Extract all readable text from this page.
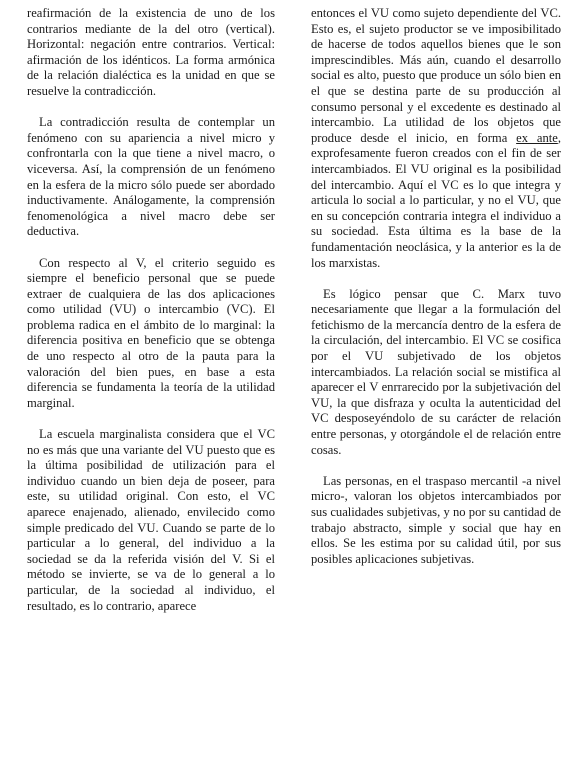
reafirmación de la existencia de uno de los contrarios mediante de la del otro (vertical). Horizontal: negación entre contrarios. Vertical: afirmación de los idénticos. La forma armónica de la relación dialéctica es la unidad en que se resuelve la contradicción.

La contradicción resulta de contemplar un fenómeno con su apariencia a nivel micro y confrontarla con la que tiene a nivel macro, o viceversa. Así, la comprensión de un fenómeno en la esfera de la micro sólo puede ser abordado inductivamente. Análogamente, la comprensión fenomenológica a nivel macro debe ser deductiva.

Con respecto al V, el criterio seguido es siempre el beneficio personal que se puede extraer de cualquiera de las dos aplicaciones como utilidad (VU) o intercambio (VC). El problema radica en el ámbito de lo marginal: la diferencia positiva en beneficio que se obtenga de uno respecto al otro de la pauta para la valoración del bien pues, en base a esta diferencia se fundamenta la teoría de la utilidad marginal.

La escuela marginalista considera que el VC no es más que una variante del VU puesto que es la última posibilidad de utilización para el individuo cuando un bien deja de poseer, para este, su utilidad original. Con esto, el VC aparece enajenado, alienado, envilecido como simple predicado del VU. Cuando se parte de lo particular a lo general, del individuo a la sociedad se da la referida visión del V. Si el método se invierte, se va de lo general a lo particular, de la sociedad al individuo, el resultado, es lo contrario, aparece

entonces el VU como sujeto dependiente del VC. Esto es, el sujeto productor se ve imposibilitado de hacerse de todos aquellos bienes que le son imprescindibles. Más aún, cuando el desarrollo social es alto, puesto que produce un sólo bien en el que se destina parte de su producción al consumo personal y el excedente es destinado al intercambio. La utilidad de los objetos que produce desde el inicio, en forma ex ante, exprofesamente fueron creados con el fin de ser intercambiados. El VU original es la posibilidad del intercambio. Aquí el VC es lo que integra y articula lo social a lo particular, y no el VU, que en su concepción contraria integra el individuo a su sociedad. Esta última es la base de la fundamentación neoclásica, y la anterior es la de los marxistas.

Es lógico pensar que C. Marx tuvo necesariamente que llegar a la formulación del fetichismo de la mercancía dentro de la esfera de la circulación, del intercambio. El VC se cosifica por el VU subjetivado de los objetos intercambiados. La relación social se mistifica al aparecer el V enrrarecido por la subjetivación del VU, la que disfraza y oculta la autenticidad del VC desposeyéndolo de su carácter de relación entre personas, y otorgándole el de relación entre cosas.

Las personas, en el traspaso mercantil -a nivel micro-, valoran los objetos intercambiados por sus cualidades subjetivas, y no por su cantidad de trabajo abstracto, simple y social que hay en ellos. Se les estima por su calidad útil, por sus posibles aplicaciones subjetivas.
